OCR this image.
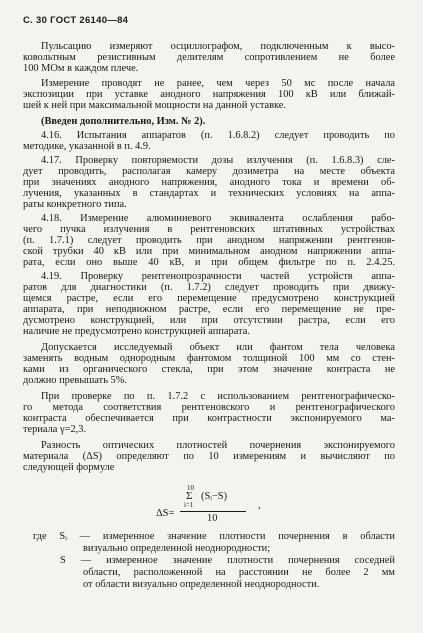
С. 30 ГОСТ 26140—84
Пульсацию измеряют осциллографом, подключенным к высо-
ковольтным резистивным делителям сопротивлением не более
100 МОм в каждом плече.
Измерение проводят не ранее, чем через 50 мс после начала
экспозиции при уставке анодного напряжения 100 кВ или ближай-
шей к ней при максимальной мощности на данной уставке.
(Введен дополнительно, Изм. № 2).
4.16. Испытания аппаратов (п. 1.6.8.2) следует проводить по
методике, указанной в п. 4.9.
4.17. Проверку повторяемости дозы излучения (п. 1.6.8.3) сле-
дует проводить, располагая камеру дозиметра на месте объекта
при значениях анодного напряжения, анодного тока и времени об-
лучения, указанных в стандартах и технических условиях на аппа-
раты конкретного типа.
4.18. Измерение алюминиевого эквивалента ослабления рабо-
чего пучка излучения в рентгеновских штативных устройствах
(п. 1.7.1) следует проводить при анодном напряжении рентгенов-
ской трубки 40 кВ или при минимальном анодном напряжении аппа-
рата, если оно выше 40 кВ, и при общем фильтре по п. 2.4.25.
4.19. Проверку рентгенопрозрачности частей устройств аппа-
ратов для диагностики (п. 1.7.2) следует проводить при движу-
щемся растре, если его перемещение предусмотрено конструкцией
аппарата, при неподвижном растре, если его перемещение не пре-
дусмотрено конструкцией, или при отсутствии растра, если его
наличие не предусмотрено конструкцией аппарата.
Допускается исследуемый объект или фантом тела человека
заменять водным однородным фантомом толщиной 100 мм со стен-
ками из органического стекла, при этом значение контраста не
должно превышать 5%.
При проверке по п. 1.7.2 с использованием рентгенографическо-
го метода соответствия рентгеновского и рентгенографического
контраста обеспечивается при контрастности экспонируемого ма-
териала γ=2,3.
Разность оптических плотностей почернения экспонируемого
материала (ΔS) определяют по 10 измерениям и вычисляют по
следующей формуле
ΔS=
10
Σ
i=1
(Sᵢ−S)
10
,
где Sᵢ — измеренное значение плотности почернения в области
визуально определенной неоднородности;
S — измеренное значение плотности почернения соседней
области, расположенной на расстоянии не более 2 мм
от области визуально определенной неоднородности.
